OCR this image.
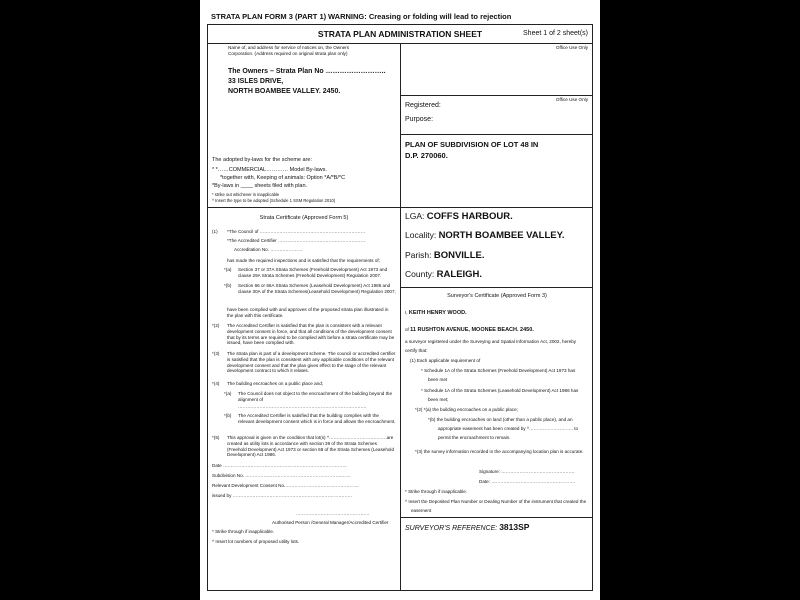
STRATA PLAN FORM 3 (PART 1) WARNING: Creasing or folding will lead to rejection
STRATA PLAN ADMINISTRATION SHEET	Sheet 1 of 2 sheet(s)
Office Use Only
Office Use Only
Registered:
Purpose:
PLAN OF SUBDIVISION OF LOT 48 IN
D.P. 270060.
Name of, and address for service of notices on, the Owners
Corporation. (Address required on original strata plan only)
The Owners – Strata Plan No ……………………..
33 ISLES DRIVE,
NORTH BOAMBEE VALLEY. 2450.
The adopted by-laws for the scheme are:
* *……COMMERCIAL………… Model By-laws.
*together with, Keeping of animals: Option *A/*B/*C
*By-laws in ____ sheets filed with plan.
* strike out whichever is inapplicable
^ Insert the type to be adopted (Schedule 1 SSM Regulation 2010)
LGA: COFFS HARBOUR.
Locality: NORTH BOAMBEE VALLEY.
Parish: BONVILLE.
County: RALEIGH.
Strata Certificate (Approved Form 5)
(1) *The Council of ……………………………………………………………
*The Accredited Certifier …………………………………………………
Accreditation No. …………………
has made the required inspections and is satisfied that the requirements of;
*(a) Section 37 or 37A Strata Schemes (Freehold Development) Act 1973 and clause 29A Strata Schemes (Freehold Development) Regulation 2007.
*(b) Section 66 or 66A Strata Schemes (Leasehold Development) Act 1986 and clause 30A of the Strata Schemes(Leasehold Development) Regulation 2007,
have been complied with and approves of the proposed strata plan illustrated in the plan with this certificate.
*(2) The Accredited Certifier is satisfied that the plan is consistent with a relevant development consent in force, and that all conditions of the development consent that by its terms are required to be complied with before a strata certificate may be issued, have been complied with.
*(3) The strata plan is part of a development scheme. The council or accredited certifier is satisfied that the plan is consistent with any applicable conditions of the relevant development consent and that the plan gives effect to the stage of the relevant development contract to which it relates.
*(4) The building encroaches on a public place and;
*(a) The Council does not object to the encroachment of the building beyond the alignment of
…………………………………………………………………………
*(b) The Accredited Certifier is satisfied that the building complies with the relevant development consent which is in force and allows the encroachment.
*(5) This approval is given on the condition that lot(s) ^………………………….…….are created as utility lots in accordance with section 39 of the Strata Schemes (Freehold Development) Act 1973 or section 68 of the Strata Schemes (Leasehold Development) Act 1986.
Date ………………………………………………………………………
Subdivision No. ……………………………………………………………
Relevant Development Consent No.…………………………………………
issued by ……………………………………………………………………
…………………………………………
Authorised Person /General Manager/Accredited Certifier
* Strike through if inapplicable.
^ Insert lot numbers of proposed utility lots.
Surveyor's Certificate (Approved Form 3)
I, KEITH HENRY WOOD.
of 11 RUSHTON AVENUE, MOONEE BEACH. 2450.
a surveyor registered under the Surveying and Spatial Information Act, 2002, hereby
certify that:
(1) Each applicable requirement of
* Schedule 1A of the Strata Schemes (Freehold Development) Act 1973 has
been met
* Schedule 1A of the Strata Schemes (Leasehold Development) Act 1986 has
been met;
*(2) *(a) the building encroaches on a public place;
*(b) the building encroaches on land (other than a public place), and an
appropriate easement has been created by ^……………………….. to
permit the encroachment to remain.
*(3) the survey information recorded in the accompanying location plan is accurate.
Signature: …………………………………………
Date: ……………………………………………….
* Strike through if inapplicable.
^ Insert the Deposited Plan Number or Dealing Number of the instrument that created the
easement
SURVEYOR'S REFERENCE: 3813SP
